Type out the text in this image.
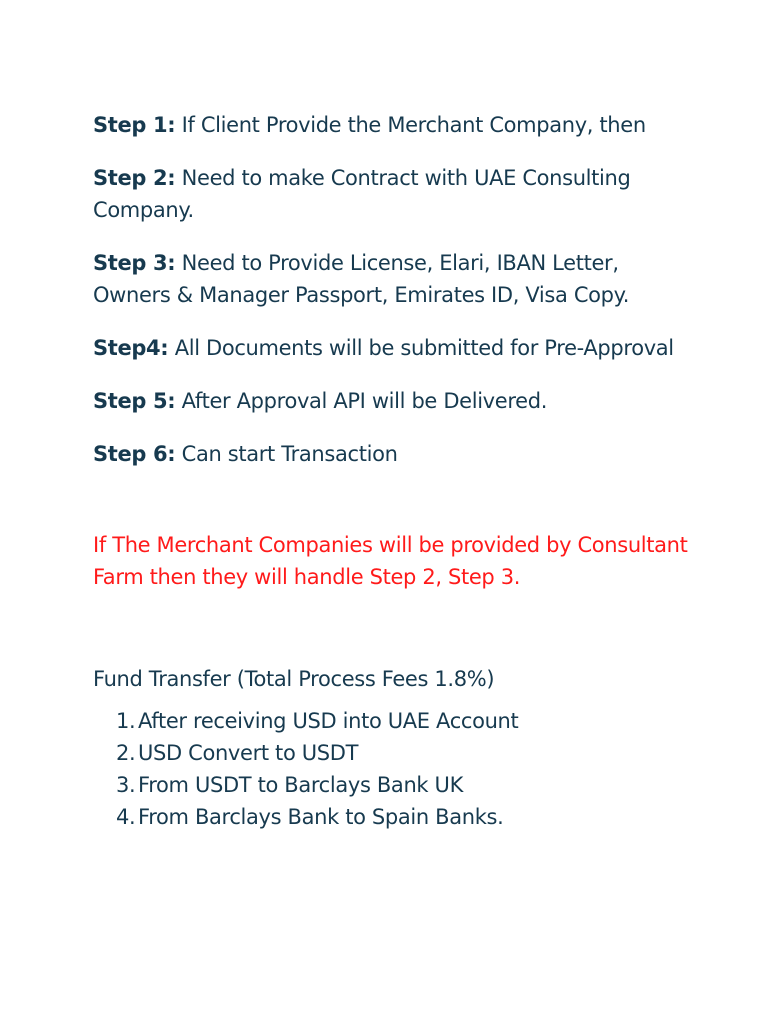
Step 1: If Client Provide the Merchant Company, then

Step 2: Need to make Contract with UAE Consulting Company.

Step 3: Need to Provide License, Elari, IBAN Letter, Owners & Manager Passport, Emirates ID, Visa Copy.

Step4: All Documents will be submitted for Pre-Approval

Step 5: After Approval API will be Delivered.

Step 6: Can start Transaction

If The Merchant Companies will be provided by Consultant Farm then they will handle Step 2, Step 3.

Fund Transfer (Total Process Fees 1.8%)
1. After receiving USD into UAE Account
2. USD Convert to USDT
3. From USDT to Barclays Bank UK
4. From Barclays Bank to Spain Banks.
